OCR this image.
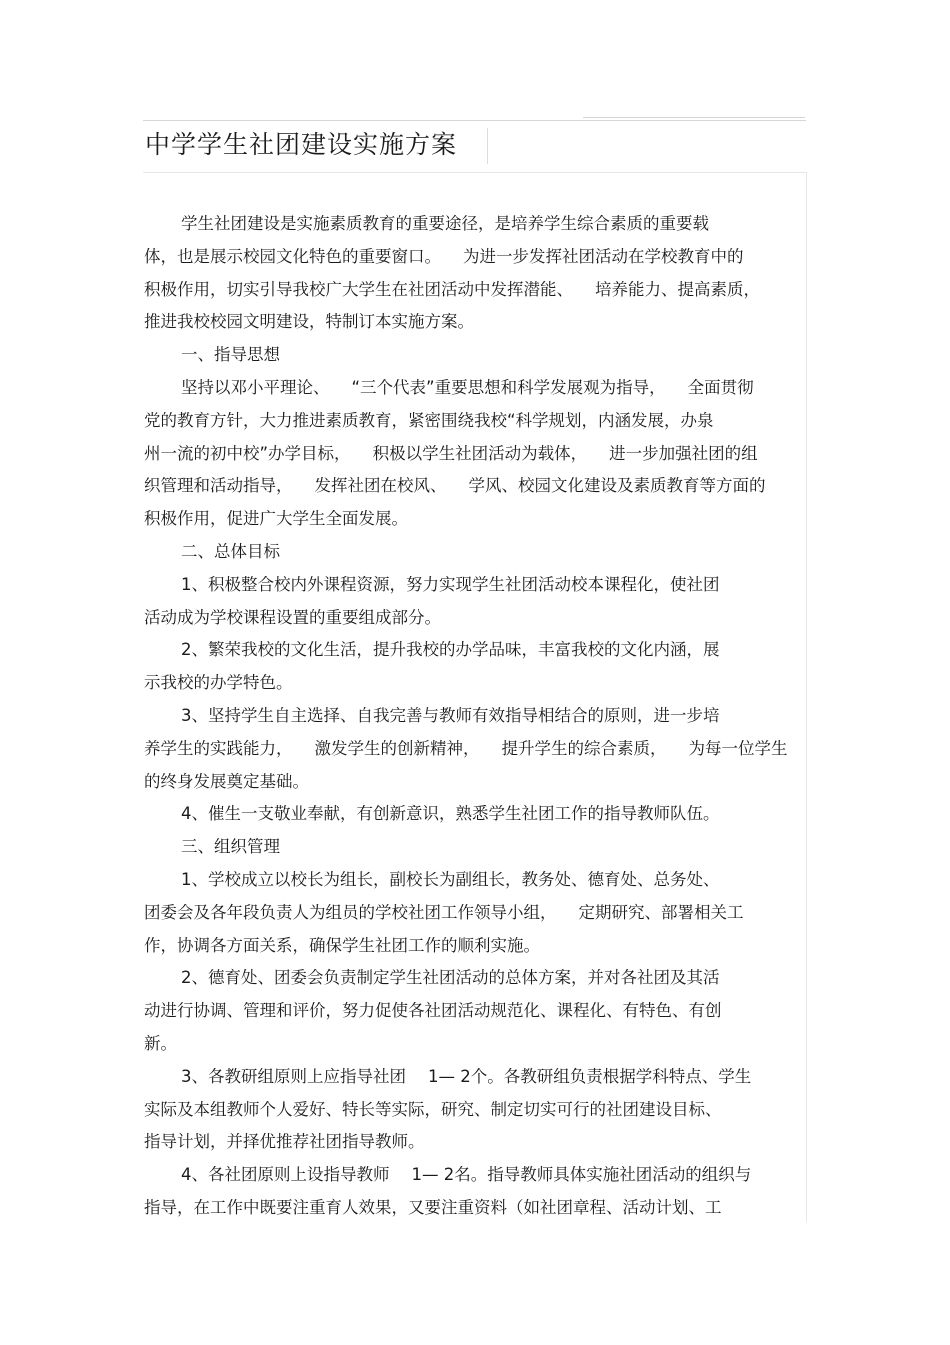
中学学生社团建设实施方案
学生社团建设是实施素质教育的重要途径，是培养学生综合素质的重要载
体，也是展示校园文化特色的重要窗口。 为进一步发挥社团活动在学校教育中的
积极作用，切实引导我校广大学生在社团活动中发挥潜能、 培养能力、提高素质，
推进我校校园文明建设，特制订本实施方案。
一、指导思想
坚持以邓小平理论、 “三个代表”重要思想和科学发展观为指导， 全面贯彻
党的教育方针，大力推进素质教育，紧密围绕我校“科学规划，内涵发展，办泉
州一流的初中校”办学目标， 积极以学生社团活动为载体， 进一步加强社团的组
织管理和活动指导， 发挥社团在校风、 学风、校园文化建设及素质教育等方面的
积极作用，促进广大学生全面发展。
二、总体目标
1、积极整合校内外课程资源，努力实现学生社团活动校本课程化，使社团
活动成为学校课程设置的重要组成部分。
2、繁荣我校的文化生活，提升我校的办学品味，丰富我校的文化内涵，展
示我校的办学特色。
3、坚持学生自主选择、自我完善与教师有效指导相结合的原则，进一步培
养学生的实践能力， 激发学生的创新精神， 提升学生的综合素质， 为每一位学生
的终身发展奠定基础。
4、催生一支敬业奉献，有创新意识，熟悉学生社团工作的指导教师队伍。
三、组织管理
1、学校成立以校长为组长，副校长为副组长，教务处、德育处、总务处、
团委会及各年段负责人为组员的学校社团工作领导小组， 定期研究、部署相关工
作，协调各方面关系，确保学生社团工作的顺利实施。
2、德育处、团委会负责制定学生社团活动的总体方案，并对各社团及其活
动进行协调、管理和评价，努力促使各社团活动规范化、课程化、有特色、有创
新。
3、各教研组原则上应指导社团 1— 2个。各教研组负责根据学科特点、学生
实际及本组教师个人爱好、特长等实际，研究、制定切实可行的社团建设目标、
指导计划，并择优推荐社团指导教师。
4、各社团原则上设指导教师 1— 2名。指导教师具体实施社团活动的组织与
指导，在工作中既要注重育人效果，又要注重资料（如社团章程、活动计划、工
